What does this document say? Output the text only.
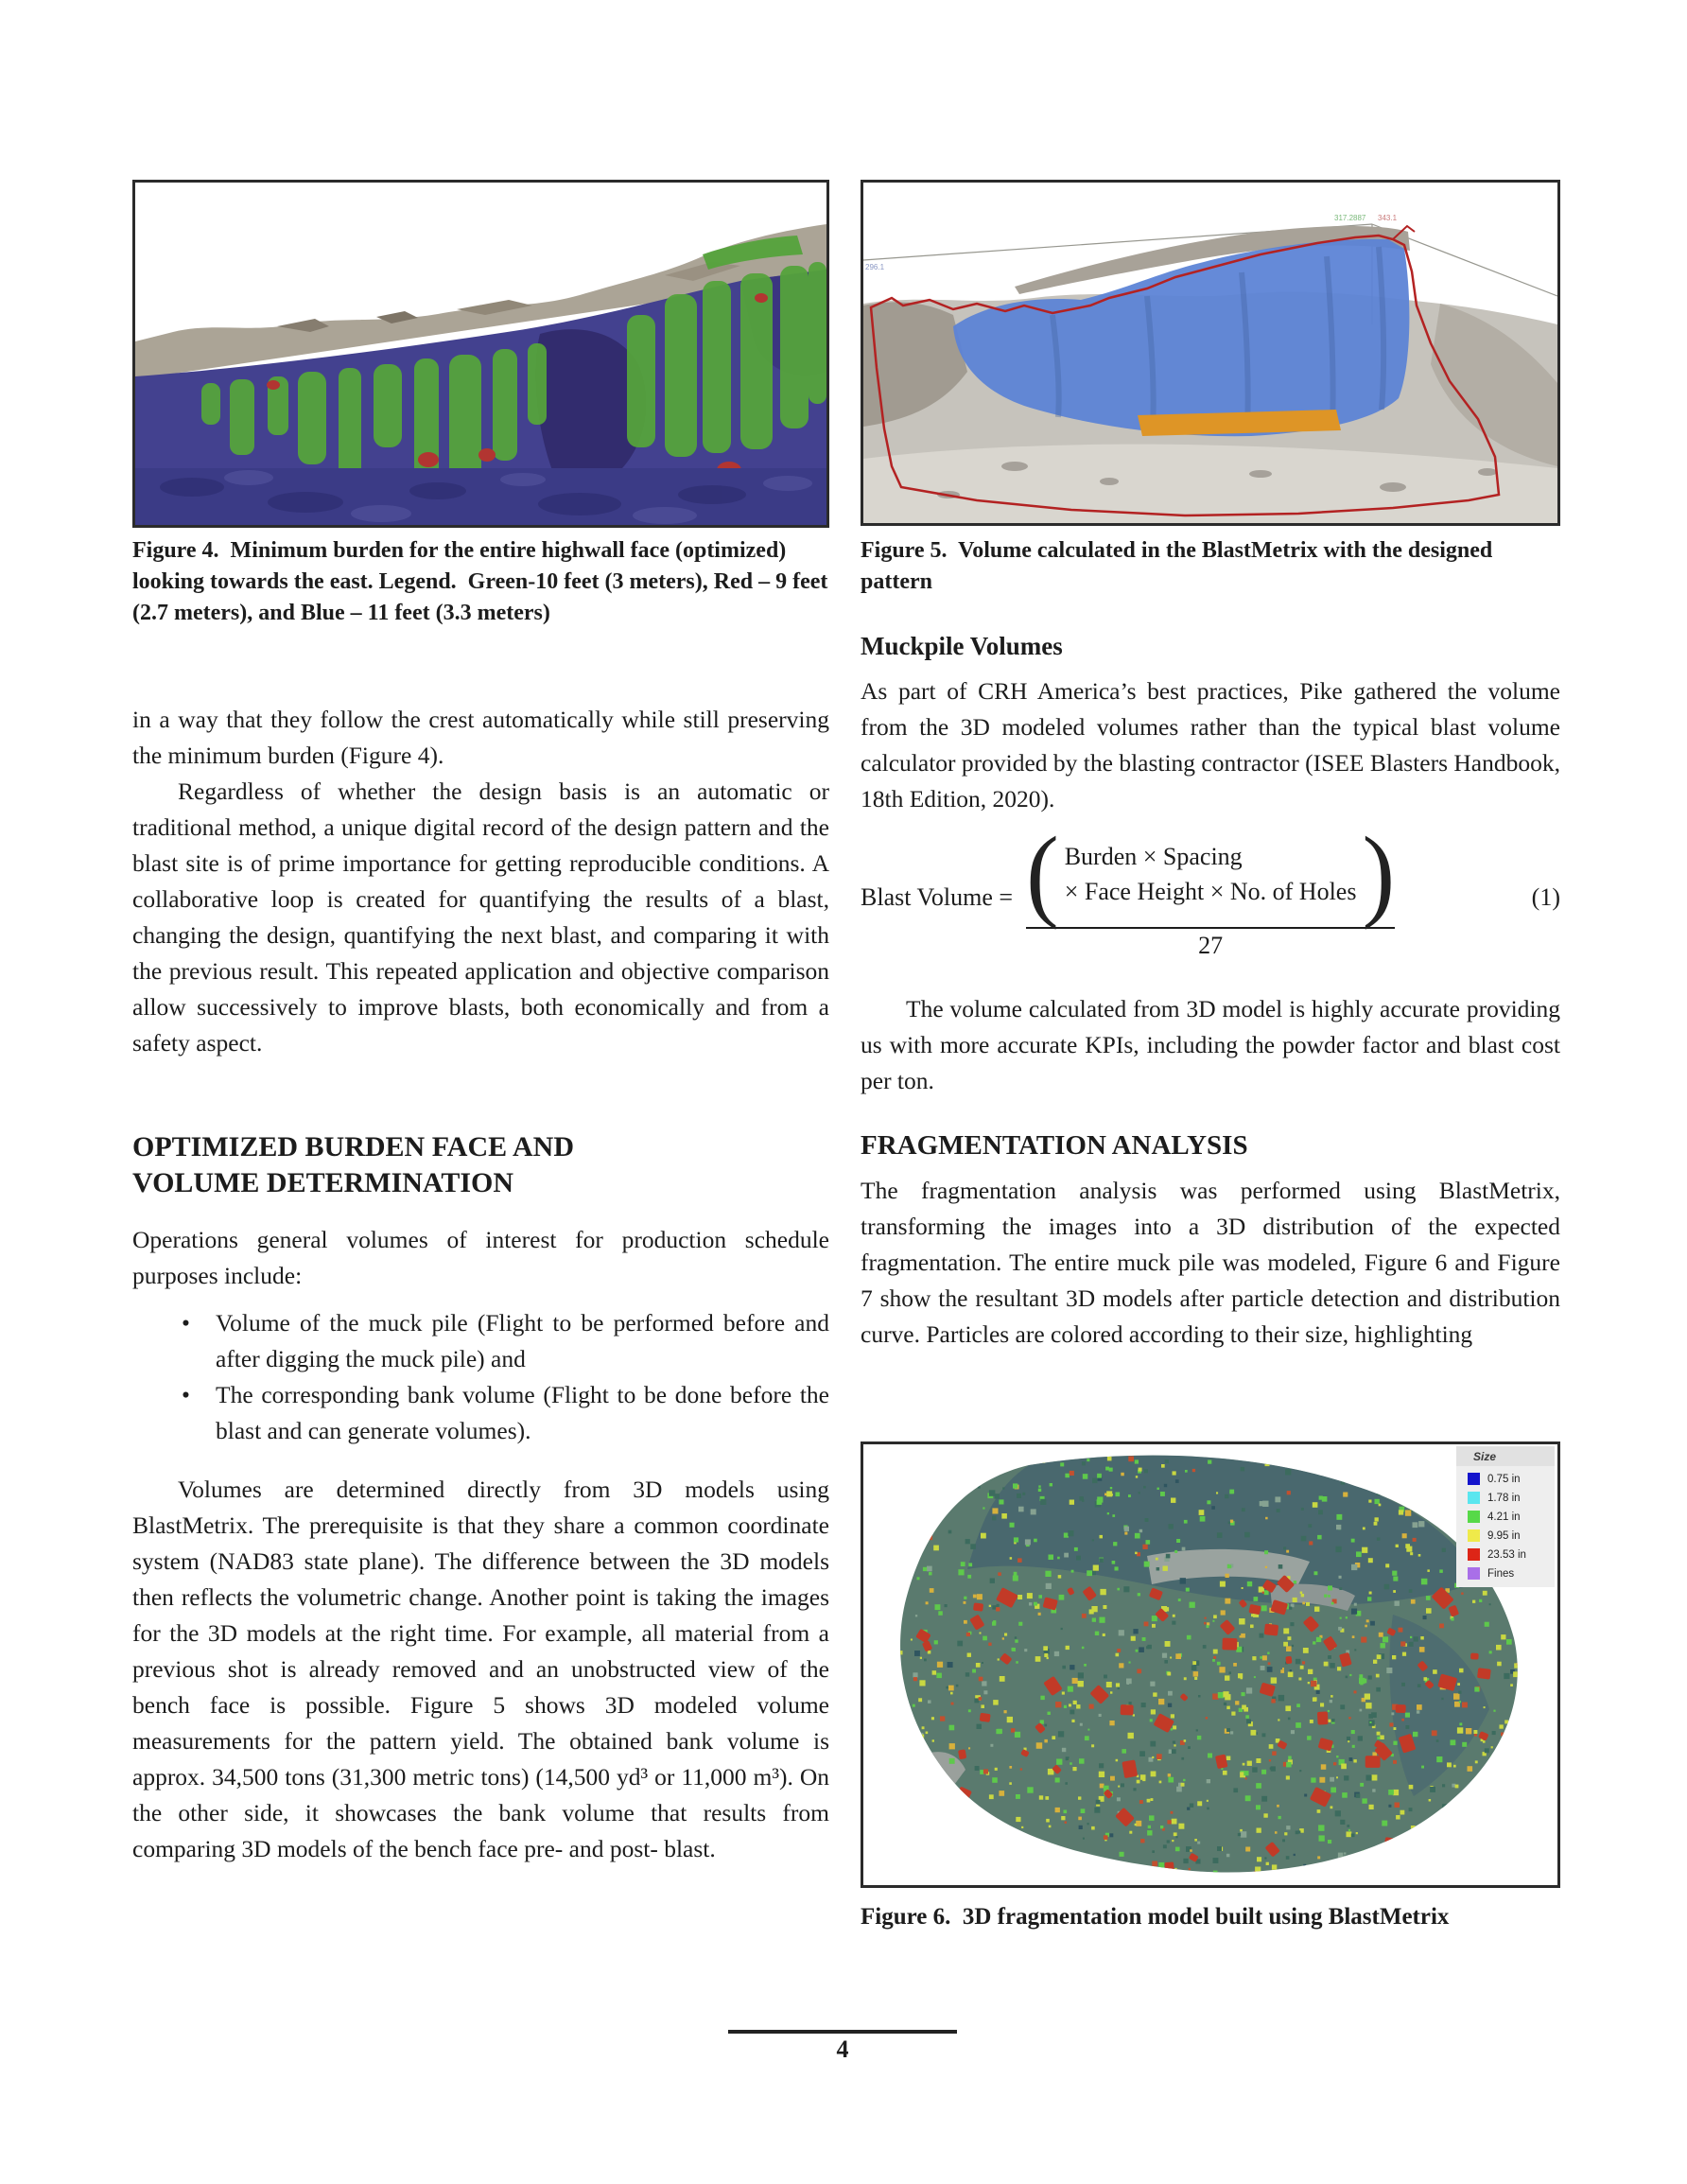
Figure 4.  Minimum burden for the entire highwall face (optimized) looking towards the east. Legend.  Green-10 feet (3 meters), Red – 9 feet (2.7 meters), and Blue – 11 feet (3.3 meters)

in a way that they follow the crest automatically while still preserving the minimum burden (Figure 4).

Regardless of whether the design basis is an automatic or traditional method, a unique digital record of the design pattern and the blast site is of prime importance for getting reproducible conditions. A collaborative loop is created for quantifying the results of a blast, changing the design, quantifying the next blast, and comparing it with the previous result. This repeated application and objective comparison allow successively to improve blasts, both economically and from a safety aspect.

OPTIMIZED BURDEN FACE AND
VOLUME DETERMINATION

Operations general volumes of interest for production schedule purposes include:

• Volume of the muck pile (Flight to be performed before and after digging the muck pile) and
• The corresponding bank volume (Flight to be done before the blast and can generate volumes).

Volumes are determined directly from 3D models using BlastMetrix. The prerequisite is that they share a common coordinate system (NAD83 state plane). The difference between the 3D models then reflects the volumetric change. Another point is taking the images for the 3D models at the right time. For example, all material from a previous shot is already removed and an unobstructed view of the bench face is possible. Figure 5 shows 3D modeled volume measurements for the pattern yield. The obtained bank volume is approx. 34,500 tons (31,300 metric tons) (14,500 yd³ or 11,000 m³). On the other side, it showcases the bank volume that results from comparing 3D models of the bench face pre- and post- blast.

317.2887 343.1
296.1
Figure 5.  Volume calculated in the BlastMetrix with the designed pattern
Muckpile Volumes

As part of CRH America’s best practices, Pike gathered the volume from the 3D modeled volumes rather than the typical blast volume calculator provided by the blasting contractor (ISEE Blasters Handbook, 18th Edition, 2020).

Blast Volume = ( Burden × Spacing
× Face Height × No. of Holes )
27
(1)

The volume calculated from 3D model is highly accurate providing us with more accurate KPIs, including the powder factor and blast cost per ton.

FRAGMENTATION ANALYSIS

The fragmentation analysis was performed using BlastMetrix, transforming the images into a 3D distribution of the expected fragmentation. The entire muck pile was modeled, Figure 6 and Figure 7 show the resultant 3D models after particle detection and distribution curve. Particles are colored according to their size, highlighting

Size
0.75 in
1.78 in
4.21 in
9.95 in
23.53 in
Fines
Figure 6.  3D fragmentation model built using BlastMetrix
4
